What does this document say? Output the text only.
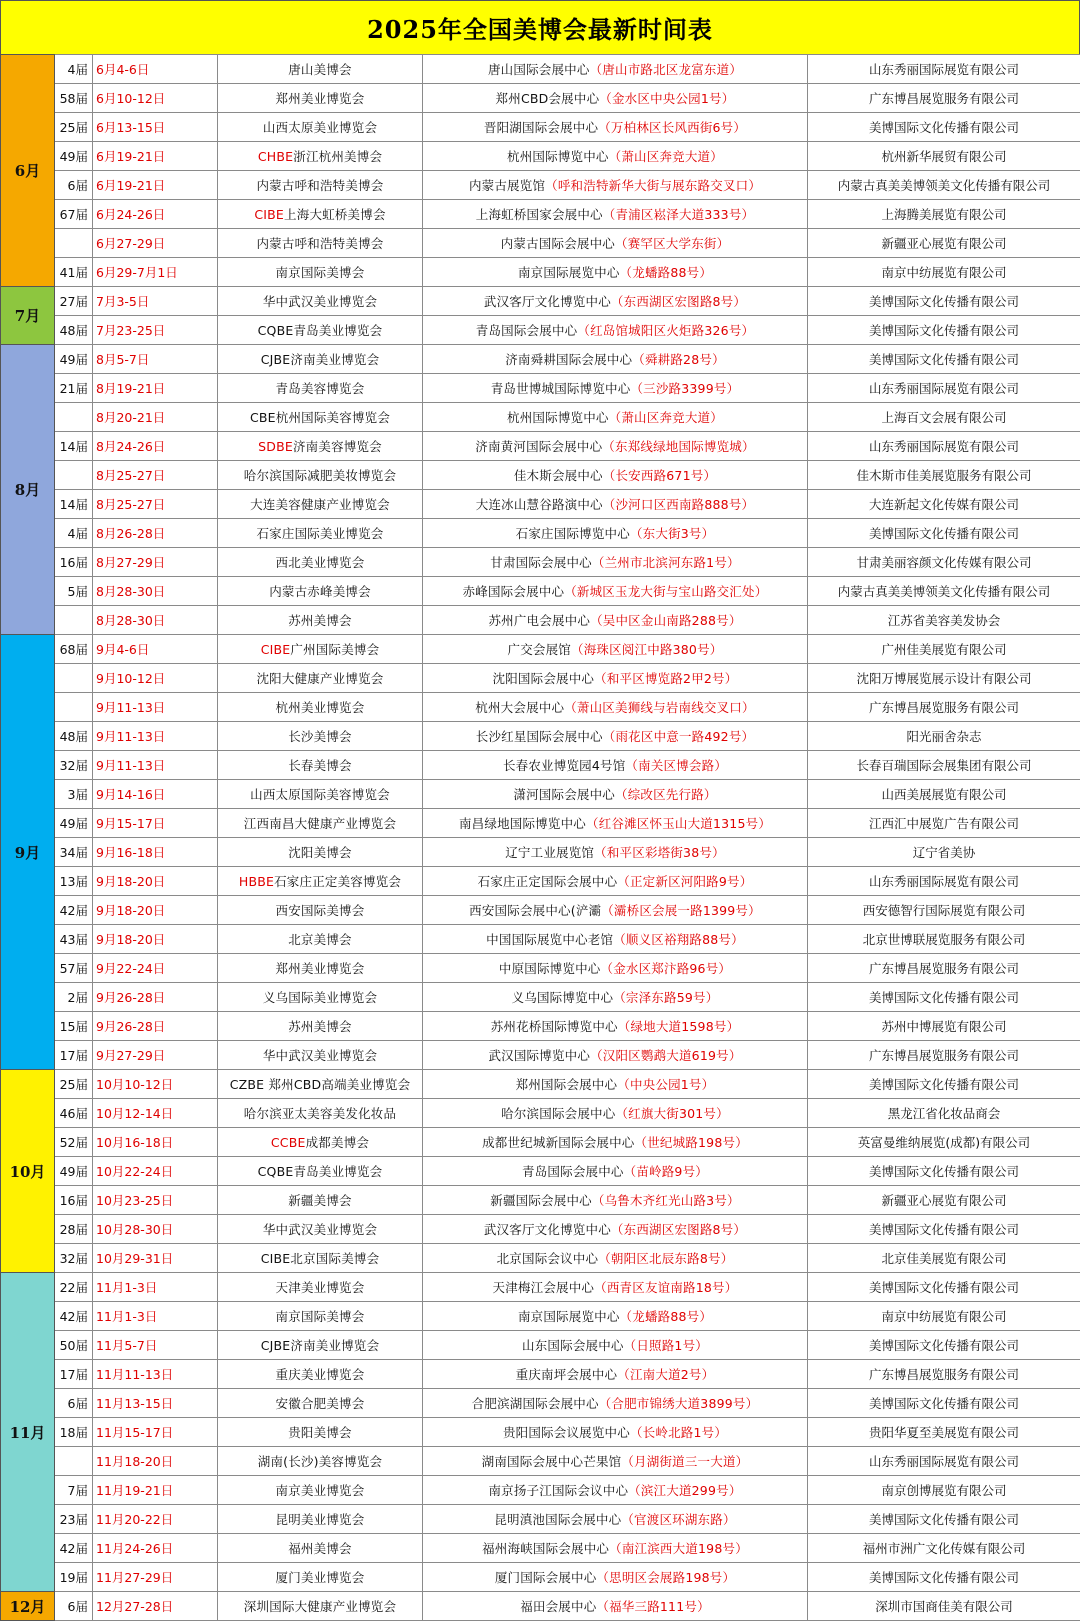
2025年全国美博会最新时间表
6月	4届	6月4-6日	唐山美博会	唐山国际会展中心（唐山市路北区龙富东道）	山东秀丽国际展览有限公司
	58届	6月10-12日	郑州美业博览会	郑州CBD会展中心（金水区中央公园1号）	广东博昌展览服务有限公司
	25届	6月13-15日	山西太原美业博览会	晋阳湖国际会展中心（万柏林区长风西街6号）	美博国际文化传播有限公司
	49届	6月19-21日	CHBE浙江杭州美博会	杭州国际博览中心（萧山区奔竞大道）	杭州新华展贸有限公司
	6届	6月19-21日	内蒙古呼和浩特美博会	内蒙古展览馆（呼和浩特新华大街与展东路交叉口）	内蒙古真美美博领美文化传播有限公司
	67届	6月24-26日	CIBE上海大虹桥美博会	上海虹桥国家会展中心（青浦区崧泽大道333号）	上海腾美展览有限公司
		6月27-29日	内蒙古呼和浩特美博会	内蒙古国际会展中心（赛罕区大学东街）	新疆亚心展览有限公司
	41届	6月29-7月1日	南京国际美博会	南京国际展览中心（龙蟠路88号）	南京中纺展览有限公司
7月	27届	7月3-5日	华中武汉美业博览会	武汉客厅文化博览中心（东西湖区宏图路8号）	美博国际文化传播有限公司
	48届	7月23-25日	CQBE青岛美业博览会	青岛国际会展中心（红岛馆城阳区火炬路326号）	美博国际文化传播有限公司
8月	49届	8月5-7日	CJBE济南美业博览会	济南舜耕国际会展中心（舜耕路28号）	美博国际文化传播有限公司
	21届	8月19-21日	青岛美容博览会	青岛世博城国际博览中心（三沙路3399号）	山东秀丽国际展览有限公司
		8月20-21日	CBE杭州国际美容博览会	杭州国际博览中心（萧山区奔竞大道）	上海百文会展有限公司
	14届	8月24-26日	SDBE济南美容博览会	济南黄河国际会展中心（东郑线绿地国际博览城）	山东秀丽国际展览有限公司
		8月25-27日	哈尔滨国际减肥美妆博览会	佳木斯会展中心（长安西路671号）	佳木斯市佳美展览服务有限公司
	14届	8月25-27日	大连美容健康产业博览会	大连冰山慧谷路演中心（沙河口区西南路888号）	大连新起文化传媒有限公司
	4届	8月26-28日	石家庄国际美业博览会	石家庄国际博览中心（东大街3号）	美博国际文化传播有限公司
	16届	8月27-29日	西北美业博览会	甘肃国际会展中心（兰州市北滨河东路1号）	甘肃美丽容颜文化传媒有限公司
	5届	8月28-30日	内蒙古赤峰美博会	赤峰国际会展中心（新城区玉龙大街与宝山路交汇处）	内蒙古真美美博领美文化传播有限公司
		8月28-30日	苏州美博会	苏州广电会展中心（吴中区金山南路288号）	江苏省美容美发协会
9月	68届	9月4-6日	CIBE广州国际美博会	广交会展馆（海珠区阅江中路380号）	广州佳美展览有限公司
		9月10-12日	沈阳大健康产业博览会	沈阳国际会展中心（和平区博览路2甲2号）	沈阳万博展览展示设计有限公司
		9月11-13日	杭州美业博览会	杭州大会展中心（萧山区美狮线与岩南线交叉口）	广东博昌展览服务有限公司
	48届	9月11-13日	长沙美博会	长沙红星国际会展中心（雨花区中意一路492号）	阳光丽舍杂志
	32届	9月11-13日	长春美博会	长春农业博览园4号馆（南关区博会路）	长春百瑞国际会展集团有限公司
	3届	9月14-16日	山西太原国际美容博览会	潇河国际会展中心（综改区先行路）	山西美展展览有限公司
	49届	9月15-17日	江西南昌大健康产业博览会	南昌绿地国际博览中心（红谷滩区怀玉山大道1315号）	江西汇中展览广告有限公司
	34届	9月16-18日	沈阳美博会	辽宁工业展览馆（和平区彩塔街38号）	辽宁省美协
	13届	9月18-20日	HBBE石家庄正定美容博览会	石家庄正定国际会展中心（正定新区河阳路9号）	山东秀丽国际展览有限公司
	42届	9月18-20日	西安国际美博会	西安国际会展中心(浐灞（灞桥区会展一路1399号）	西安德智行国际展览有限公司
	43届	9月18-20日	北京美博会	中国国际展览中心老馆（顺义区裕翔路88号）	北京世博联展览服务有限公司
	57届	9月22-24日	郑州美业博览会	中原国际博览中心（金水区郑汴路96号）	广东博昌展览服务有限公司
	2届	9月26-28日	义乌国际美业博览会	义乌国际博览中心（宗泽东路59号）	美博国际文化传播有限公司
	15届	9月26-28日	苏州美博会	苏州花桥国际博览中心（绿地大道1598号）	苏州中博展览有限公司
	17届	9月27-29日	华中武汉美业博览会	武汉国际博览中心（汉阳区鹦鹉大道619号）	广东博昌展览服务有限公司
10月	25届	10月10-12日	CZBE 郑州CBD高端美业博览会	郑州国际会展中心（中央公园1号）	美博国际文化传播有限公司
	46届	10月12-14日	哈尔滨亚太美容美发化妆品	哈尔滨国际会展中心（红旗大街301号）	黑龙江省化妆品商会
	52届	10月16-18日	CCBE成都美博会	成都世纪城新国际会展中心（世纪城路198号）	英富曼维纳展览(成都)有限公司
	49届	10月22-24日	CQBE青岛美业博览会	青岛国际会展中心（苗岭路9号）	美博国际文化传播有限公司
	16届	10月23-25日	新疆美博会	新疆国际会展中心（乌鲁木齐红光山路3号）	新疆亚心展览有限公司
	28届	10月28-30日	华中武汉美业博览会	武汉客厅文化博览中心（东西湖区宏图路8号）	美博国际文化传播有限公司
	32届	10月29-31日	CIBE北京国际美博会	北京国际会议中心（朝阳区北辰东路8号）	北京佳美展览有限公司
11月	22届	11月1-3日	天津美业博览会	天津梅江会展中心（西青区友谊南路18号）	美博国际文化传播有限公司
	42届	11月1-3日	南京国际美博会	南京国际展览中心（龙蟠路88号）	南京中纺展览有限公司
	50届	11月5-7日	CJBE济南美业博览会	山东国际会展中心（日照路1号）	美博国际文化传播有限公司
	17届	11月11-13日	重庆美业博览会	重庆南坪会展中心（江南大道2号）	广东博昌展览服务有限公司
	6届	11月13-15日	安徽合肥美博会	合肥滨湖国际会展中心（合肥市锦绣大道3899号）	美博国际文化传播有限公司
	18届	11月15-17日	贵阳美博会	贵阳国际会议展览中心（长岭北路1号）	贵阳华夏至美展览有限公司
		11月18-20日	湖南(长沙)美容博览会	湖南国际会展中心芒果馆（月湖街道三一大道）	山东秀丽国际展览有限公司
	7届	11月19-21日	南京美业博览会	南京扬子江国际会议中心（滨江大道299号）	南京创博展览有限公司
	23届	11月20-22日	昆明美业博览会	昆明滇池国际会展中心（官渡区环湖东路）	美博国际文化传播有限公司
	42届	11月24-26日	福州美博会	福州海峡国际会展中心（南江滨西大道198号）	福州市洲广文化传媒有限公司
	19届	11月27-29日	厦门美业博览会	厦门国际会展中心（思明区会展路198号）	美博国际文化传播有限公司
12月	6届	12月27-28日	深圳国际大健康产业博览会	福田会展中心（福华三路111号）	深圳市国商佳美有限公司
